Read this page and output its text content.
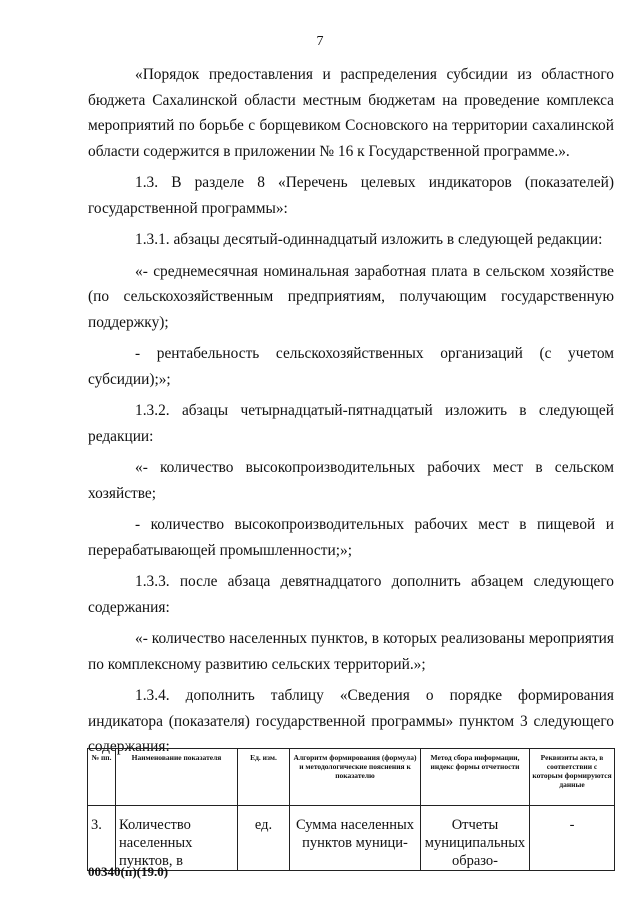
7

«Порядок предоставления и распределения субсидии из областного бюджета Сахалинской области местным бюджетам на проведение комплекса мероприятий по борьбе с борщевиком Сосновского на территории сахалинской области содержится в приложении № 16 к Государственной программе.».

1.3. В разделе 8 «Перечень целевых индикаторов (показателей) государственной программы»:

1.3.1. абзацы десятый-одиннадцатый изложить в следующей редакции:

«- среднемесячная номинальная заработная плата в сельском хозяйстве (по сельскохозяйственным предприятиям, получающим государственную поддержку);

- рентабельность сельскохозяйственных организаций (с учетом субсидии);»;

1.3.2. абзацы четырнадцатый-пятнадцатый изложить в следующей редакции:

«- количество высокопроизводительных рабочих мест в сельском хозяйстве;

- количество высокопроизводительных рабочих мест в пищевой и перерабатывающей промышленности;»;

1.3.3. после абзаца девятнадцатого дополнить абзацем следующего содержания:

«- количество населенных пунктов, в которых реализованы мероприятия по комплексному развитию сельских территорий.»;

1.3.4. дополнить таблицу «Сведения о порядке формирования индикатора (показателя) государственной программы» пунктом 3 следующего содержания:

№ пп.	Наименование показателя	Ед. изм.	Алгоритм формирования (формула) и методологические пояснения к показателю	Метод сбора информации, индекс формы отчетности	Реквизиты акта, в соответствии с которым формируются данные
3.	Количество населенных пунктов, в	ед.	Сумма населенных пунктов муници-	Отчеты муниципальных образо-	-
00340(п)(19.0)
